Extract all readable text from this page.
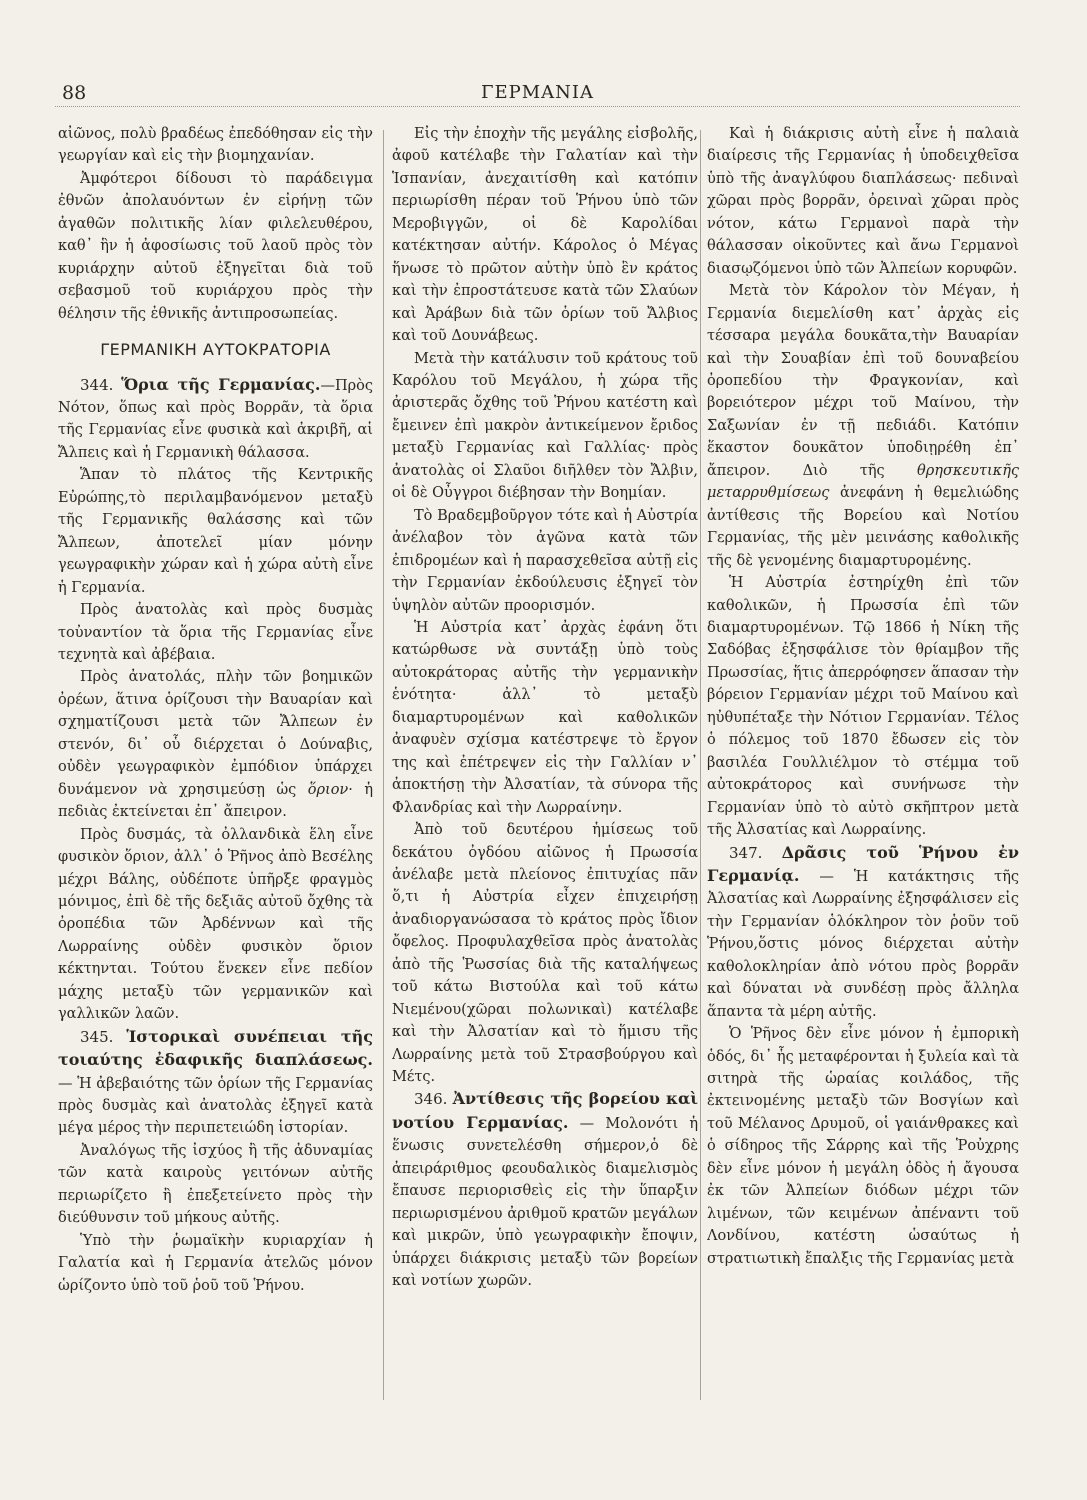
88	ΓΕΡΜΑΝΙΑ

αἰῶνος, πολὺ βραδέως ἐπεδόθησαν εἰς τὴν γεωργίαν καὶ εἰς τὴν βιομηχανίαν.

Ἀμφότεροι δίδουσι τὸ παράδειγμα ἐθνῶν ἀπολαυόντων ἐν εἰρήνῃ τῶν ἀγαθῶν πολιτικῆς λίαν φιλελευθέρου, καθ᾽ ἣν ἡ ἀφοσίωσις τοῦ λαοῦ πρὸς τὸν κυριάρχην αὐτοῦ ἐξηγεῖται διὰ τοῦ σεβασμοῦ τοῦ κυριάρχου πρὸς τὴν θέλησιν τῆς ἐθνικῆς ἀντιπροσωπείας.

ΓΕΡΜΑΝΙΚΗ ΑΥΤΟΚΡΑΤΟΡΙΑ

344. Ὅρια τῆς Γερμανίας.—Πρὸς Νότον, ὅπως καὶ πρὸς Βορρᾶν, τὰ ὅρια τῆς Γερμανίας εἶνε φυσικὰ καὶ ἀκριβῆ, αἱ Ἄλπεις καὶ ἡ Γερμανικὴ θάλασσα.

Ἅπαν τὸ πλάτος τῆς Κεντρικῆς Εὐρώπης,τὸ περιλαμβανόμενον μεταξὺ τῆς Γερμανικῆς θαλάσσης καὶ τῶν Ἄλπεων, ἀποτελεῖ μίαν μόνην γεωγραφικὴν χώραν καὶ ἡ χώρα αὐτὴ εἶνε ἡ Γερμανία.

Πρὸς ἀνατολὰς καὶ πρὸς δυσμὰς τοὐναντίον τὰ ὅρια τῆς Γερμανίας εἶνε τεχνητὰ καὶ ἀβέβαια.

Πρὸς ἀνατολάς, πλὴν τῶν βοημικῶν ὀρέων, ἅτινα ὁρίζουσι τὴν Βαυαρίαν καὶ σχηματίζουσι μετὰ τῶν Ἄλπεων ἐν στενόν, δι᾽ οὗ διέρχεται ὁ Δούναβις, οὐδὲν γεωγραφικὸν ἐμπόδιον ὑπάρχει δυνάμενον νὰ χρησιμεύσῃ ὡς ὅριον· ἡ πεδιὰς ἐκτείνεται ἐπ᾽ ἄπειρον.

Πρὸς δυσμάς, τὰ ὀλλανδικὰ ἕλη εἶνε φυσικὸν ὅριον, ἀλλ᾽ ὁ Ῥῆνος ἀπὸ Βεσέλης μέχρι Βάλης, οὐδέποτε ὑπῆρξε φραγμὸς μόνιμος, ἐπὶ δὲ τῆς δεξιᾶς αὐτοῦ ὄχθης τὰ ὀροπέδια τῶν Ἀρδέννων καὶ τῆς Λωρραίνης οὐδὲν φυσικὸν ὅριον κέκτηνται. Τούτου ἕνεκεν εἶνε πεδίον μάχης μεταξὺ τῶν γερμανικῶν καὶ γαλλικῶν λαῶν.

345. Ἱστορικαὶ συνέπειαι τῆς τοιαύτης ἐδαφικῆς διαπλάσεως. — Ἡ ἀβεβαιότης τῶν ὁρίων τῆς Γερμανίας πρὸς δυσμὰς καὶ ἀνατολὰς ἐξηγεῖ κατὰ μέγα μέρος τὴν περιπετειώδη ἱστορίαν.

Ἀναλόγως τῆς ἰσχύος ἢ τῆς ἀδυναμίας τῶν κατὰ καιροὺς γειτόνων αὐτῆς περιωρίζετο ἢ ἐπεξετείνετο πρὸς τὴν διεύθυνσιν τοῦ μήκους αὐτῆς.

Ὑπὸ τὴν ῥωμαϊκὴν κυριαρχίαν ἡ Γαλατία καὶ ἡ Γερμανία ἀτελῶς μόνον ὡρίζοντο ὑπὸ τοῦ ῥοῦ τοῦ Ῥήνου.

Εἰς τὴν ἐποχὴν τῆς μεγάλης εἰσβολῆς, ἀφοῦ κατέλαβε τὴν Γαλατίαν καὶ τὴν Ἱσπανίαν, ἀνεχαιτίσθη καὶ κατόπιν περιωρίσθη πέραν τοῦ Ῥήνου ὑπὸ τῶν Μεροβιγγῶν, οἱ δὲ Καρολίδαι κατέκτησαν αὐτήν. Κάρολος ὁ Μέγας ἥνωσε τὸ πρῶτον αὐτὴν ὑπὸ ἓν κράτος καὶ τὴν ἐπροστάτευσε κατὰ τῶν Σλαύων καὶ Ἀράβων διὰ τῶν ὁρίων τοῦ Ἄλβιος καὶ τοῦ Δουνάβεως.

Μετὰ τὴν κατάλυσιν τοῦ κράτους τοῦ Καρόλου τοῦ Μεγάλου, ἡ χώρα τῆς ἀριστερᾶς ὄχθης τοῦ Ῥήνου κατέστη καὶ ἔμεινεν ἐπὶ μακρὸν ἀντικείμενον ἔριδος μεταξὺ Γερμανίας καὶ Γαλλίας· πρὸς ἀνατολὰς οἱ Σλαῦοι διῆλθεν τὸν Ἄλβιν, οἱ δὲ Οὖγγροι διέβησαν τὴν Βοημίαν.

Τὸ Βραδεμβοῦργον τότε καὶ ἡ Αὐστρία ἀνέλαβον τὸν ἀγῶνα κατὰ τῶν ἐπιδρομέων καὶ ἡ παρασχεθεῖσα αὐτῇ εἰς τὴν Γερμανίαν ἐκδούλευσις ἐξηγεῖ τὸν ὑψηλὸν αὐτῶν προορισμόν.

Ἡ Αὐστρία κατ᾽ ἀρχὰς ἐφάνη ὅτι κατώρθωσε νὰ συντάξῃ ὑπὸ τοὺς αὐτοκράτορας αὐτῆς τὴν γερμανικὴν ἑνότητα· ἀλλ᾽ τὸ μεταξὺ διαμαρτυρομένων καὶ καθολικῶν ἀναφυὲν σχίσμα κατέστρεψε τὸ ἔργον της καὶ ἐπέτρεψεν εἰς τὴν Γαλλίαν ν᾽ ἀποκτήσῃ τὴν Ἀλσατίαν, τὰ σύνορα τῆς Φλανδρίας καὶ τὴν Λωρραίνην.

Ἀπὸ τοῦ δευτέρου ἡμίσεως τοῦ δεκάτου ὀγδόου αἰῶνος ἡ Πρωσσία ἀνέλαβε μετὰ πλείονος ἐπιτυχίας πᾶν ὅ,τι ἡ Αὐστρία εἶχεν ἐπιχειρήσῃ ἀναδιοργανώσασα τὸ κράτος πρὸς ἴδιον ὄφελος. Προφυλαχθεῖσα πρὸς ἀνατολὰς ἀπὸ τῆς Ῥωσσίας διὰ τῆς καταλήψεως τοῦ κάτω Βιστούλα καὶ τοῦ κάτω Νιεμένου(χῶραι πολωνικαὶ) κατέλαβε καὶ τὴν Ἀλσατίαν καὶ τὸ ἥμισυ τῆς Λωρραίνης μετὰ τοῦ Στρασβούργου καὶ Μέτς.

346. Ἀντίθεσις τῆς βορείου καὶ νοτίου Γερμανίας. — Μολονότι ἡ ἕνωσις συνετελέσθη σήμερον,ὁ δὲ ἀπειράριθμος φεουδαλικὸς διαμελισμὸς ἔπαυσε περιορισθεὶς εἰς τὴν ὕπαρξιν περιωρισμένου ἀριθμοῦ κρατῶν μεγάλων καὶ μικρῶν, ὑπὸ γεωγραφικὴν ἔποψιν, ὑπάρχει διάκρισις μεταξὺ τῶν βορείων καὶ νοτίων χωρῶν.

Καὶ ἡ διάκρισις αὐτὴ εἶνε ἡ παλαιὰ διαίρεσις τῆς Γερμανίας ἡ ὑποδειχθεῖσα ὑπὸ τῆς ἀναγλύφου διαπλάσεως· πεδιναὶ χῶραι πρὸς βορρᾶν, ὀρειναὶ χῶραι πρὸς νότον, κάτω Γερμανοὶ παρὰ τὴν θάλασσαν οἰκοῦντες καὶ ἄνω Γερμανοὶ διασῳζόμενοι ὑπὸ τῶν Ἀλπείων κορυφῶν.

Μετὰ τὸν Κάρολον τὸν Μέγαν, ἡ Γερμανία διεμελίσθη κατ᾽ ἀρχὰς εἰς τέσσαρα μεγάλα δουκᾶτα,τὴν Βαυαρίαν καὶ τὴν Σουαβίαν ἐπὶ τοῦ δουναβείου ὀροπεδίου τὴν Φραγκονίαν, καὶ βορειότερον μέχρι τοῦ Μαίνου, τὴν Σαξωνίαν ἐν τῇ πεδιάδι. Κατόπιν ἕκαστον δουκᾶτον ὑποδιῃρέθη ἐπ᾽ ἄπειρον. Διὸ τῆς θρησκευτικῆς μεταρρυθμίσεως ἀνεφάνη ἡ θεμελιώδης ἀντίθεσις τῆς Βορείου καὶ Νοτίου Γερμανίας, τῆς μὲν μεινάσης καθολικῆς τῆς δὲ γενομένης διαμαρτυρομένης.

Ἡ Αὐστρία ἐστηρίχθη ἐπὶ τῶν καθολικῶν, ἡ Πρωσσία ἐπὶ τῶν διαμαρτυρομένων. Τῷ 1866 ἡ Νίκη τῆς Σαδόβας ἐξησφάλισε τὸν θρίαμβον τῆς Πρωσσίας, ἥτις ἀπερρόφησεν ἅπασαν τὴν βόρειον Γερμανίαν μέχρι τοῦ Μαίνου καὶ ηὐθυπέταξε τὴν Νότιον Γερμανίαν. Τέλος ὁ πόλεμος τοῦ 1870 ἔδωσεν εἰς τὸν βασιλέα Γουλλιέλμον τὸ στέμμα τοῦ αὐτοκράτορος καὶ συνήνωσε τὴν Γερμανίαν ὑπὸ τὸ αὐτὸ σκῆπτρον μετὰ τῆς Ἀλσατίας καὶ Λωρραίνης.

347. Δρᾶσις τοῦ Ῥήνου ἐν Γερμανίᾳ. — Ἡ κατάκτησις τῆς Ἀλσατίας καὶ Λωρραίνης ἐξησφάλισεν εἰς τὴν Γερμανίαν ὁλόκληρον τὸν ῥοῦν τοῦ Ῥήνου,ὅστις μόνος διέρχεται αὐτὴν καθολοκληρίαν ἀπὸ νότου πρὸς βορρᾶν καὶ δύναται νὰ συνδέσῃ πρὸς ἄλληλα ἅπαντα τὰ μέρη αὐτῆς.

Ὁ Ῥῆνος δὲν εἶνε μόνον ἡ ἐμπορικὴ ὁδός, δι᾽ ἧς μεταφέρονται ἡ ξυλεία καὶ τὰ σιτηρὰ τῆς ὡραίας κοιλάδος, τῆς ἐκτεινομένης μεταξὺ τῶν Βοσγίων καὶ τοῦ Μέλανος Δρυμοῦ, οἱ γαιάνθρακες καὶ ὁ σίδηρος τῆς Σάρρης καὶ τῆς Ῥοὐχρης δὲν εἶνε μόνον ἡ μεγάλη ὁδὸς ἡ ἄγουσα ἐκ τῶν Ἀλπείων διόδων μέχρι τῶν λιμένων, τῶν κειμένων ἀπέναντι τοῦ Λονδίνου, κατέστη ὡσαύτως ἡ στρατιωτικὴ ἔπαλξις τῆς Γερμανίας μετὰ
